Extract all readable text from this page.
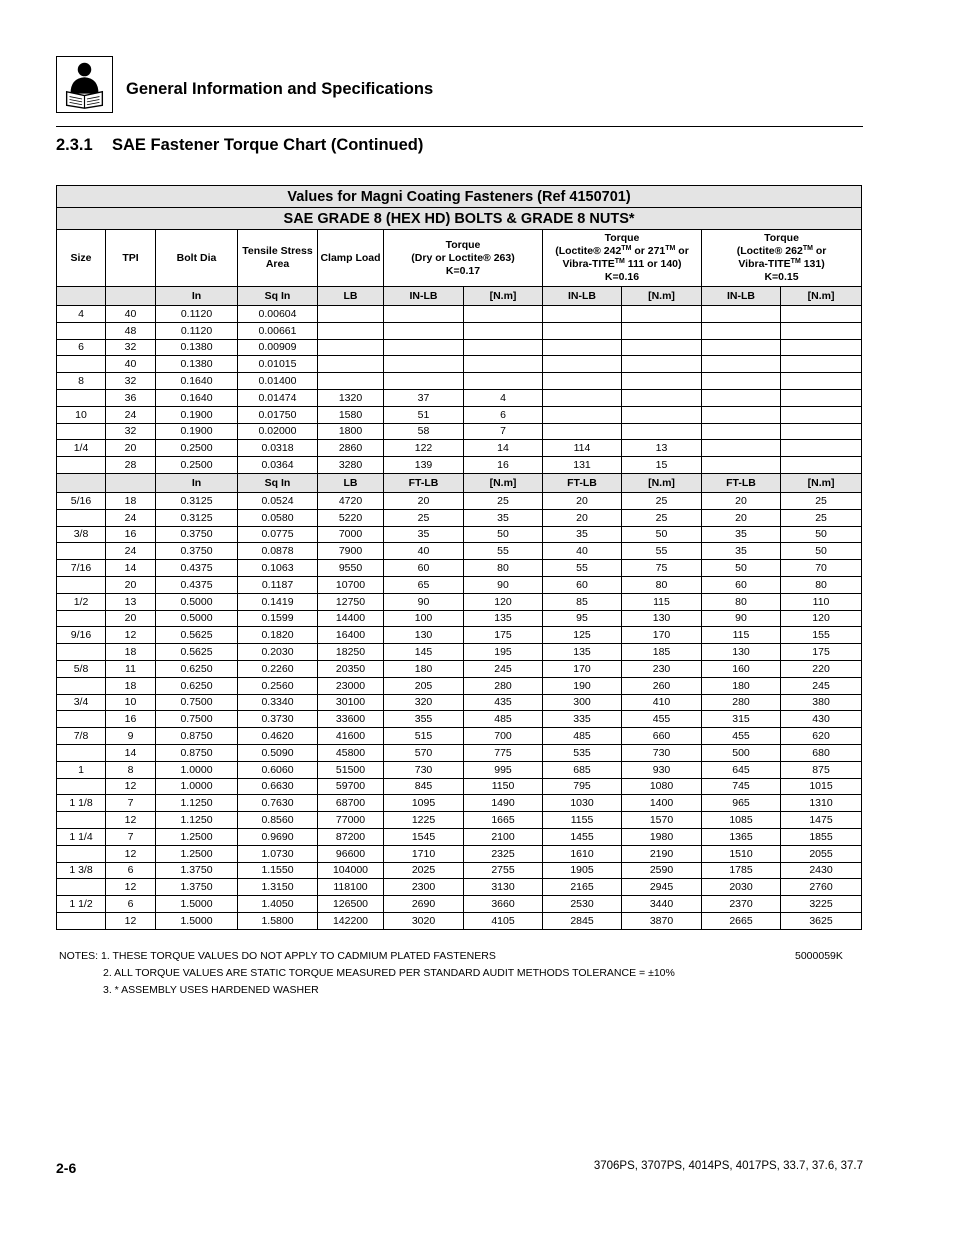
General Information and Specifications
2.3.1 SAE Fastener Torque Chart (Continued)
Values for Magni Coating Fasteners (Ref 4150701)										
SAE GRADE 8 (HEX HD) BOLTS & GRADE 8 NUTS*										
Size	TPI	Bolt Dia	Tensile Stress Area	Clamp Load	Torque
(Dry or Loctite® 263)
K=0.17		Torque
(Loctite® 242™ or 271™ or
Vibra-TITE™ 111 or 140)
K=0.16		Torque
(Loctite® 262™ or
Vibra-TITE™ 131)
K=0.15	
		In	Sq In	LB	IN-LB	[N.m]	IN-LB	[N.m]	IN-LB	[N.m]
4	40	0.1120	0.00604							
	48	0.1120	0.00661							
6	32	0.1380	0.00909							
	40	0.1380	0.01015							
8	32	0.1640	0.01400							
	36	0.1640	0.01474	1320	37	4				
10	24	0.1900	0.01750	1580	51	6				
	32	0.1900	0.02000	1800	58	7				
1/4	20	0.2500	0.0318	2860	122	14	114	13		
	28	0.2500	0.0364	3280	139	16	131	15		
		In	Sq In	LB	FT-LB	[N.m]	FT-LB	[N.m]	FT-LB	[N.m]
5/16	18	0.3125	0.0524	4720	20	25	20	25	20	25
	24	0.3125	0.0580	5220	25	35	20	25	20	25
3/8	16	0.3750	0.0775	7000	35	50	35	50	35	50
	24	0.3750	0.0878	7900	40	55	40	55	35	50
7/16	14	0.4375	0.1063	9550	60	80	55	75	50	70
	20	0.4375	0.1187	10700	65	90	60	80	60	80
1/2	13	0.5000	0.1419	12750	90	120	85	115	80	110
	20	0.5000	0.1599	14400	100	135	95	130	90	120
9/16	12	0.5625	0.1820	16400	130	175	125	170	115	155
	18	0.5625	0.2030	18250	145	195	135	185	130	175
5/8	11	0.6250	0.2260	20350	180	245	170	230	160	220
	18	0.6250	0.2560	23000	205	280	190	260	180	245
3/4	10	0.7500	0.3340	30100	320	435	300	410	280	380
	16	0.7500	0.3730	33600	355	485	335	455	315	430
7/8	9	0.8750	0.4620	41600	515	700	485	660	455	620
	14	0.8750	0.5090	45800	570	775	535	730	500	680
1	8	1.0000	0.6060	51500	730	995	685	930	645	875
	12	1.0000	0.6630	59700	845	1150	795	1080	745	1015
1 1/8	7	1.1250	0.7630	68700	1095	1490	1030	1400	965	1310
	12	1.1250	0.8560	77000	1225	1665	1155	1570	1085	1475
1 1/4	7	1.2500	0.9690	87200	1545	2100	1455	1980	1365	1855
	12	1.2500	1.0730	96600	1710	2325	1610	2190	1510	2055
1 3/8	6	1.3750	1.1550	104000	2025	2755	1905	2590	1785	2430
	12	1.3750	1.3150	118100	2300	3130	2165	2945	2030	2760
1 1/2	6	1.5000	1.4050	126500	2690	3660	2530	3440	2370	3225
	12	1.5000	1.5800	142200	3020	4105	2845	3870	2665	3625
NOTES: 1. THESE TORQUE VALUES DO NOT APPLY TO CADMIUM PLATED FASTENERS
2. ALL TORQUE VALUES ARE STATIC TORQUE MEASURED PER STANDARD AUDIT METHODS TOLERANCE = ±10%
3. * ASSEMBLY USES HARDENED WASHER
5000059K
2-6	3706PS, 3707PS, 4014PS, 4017PS, 33.7, 37.6, 37.7
